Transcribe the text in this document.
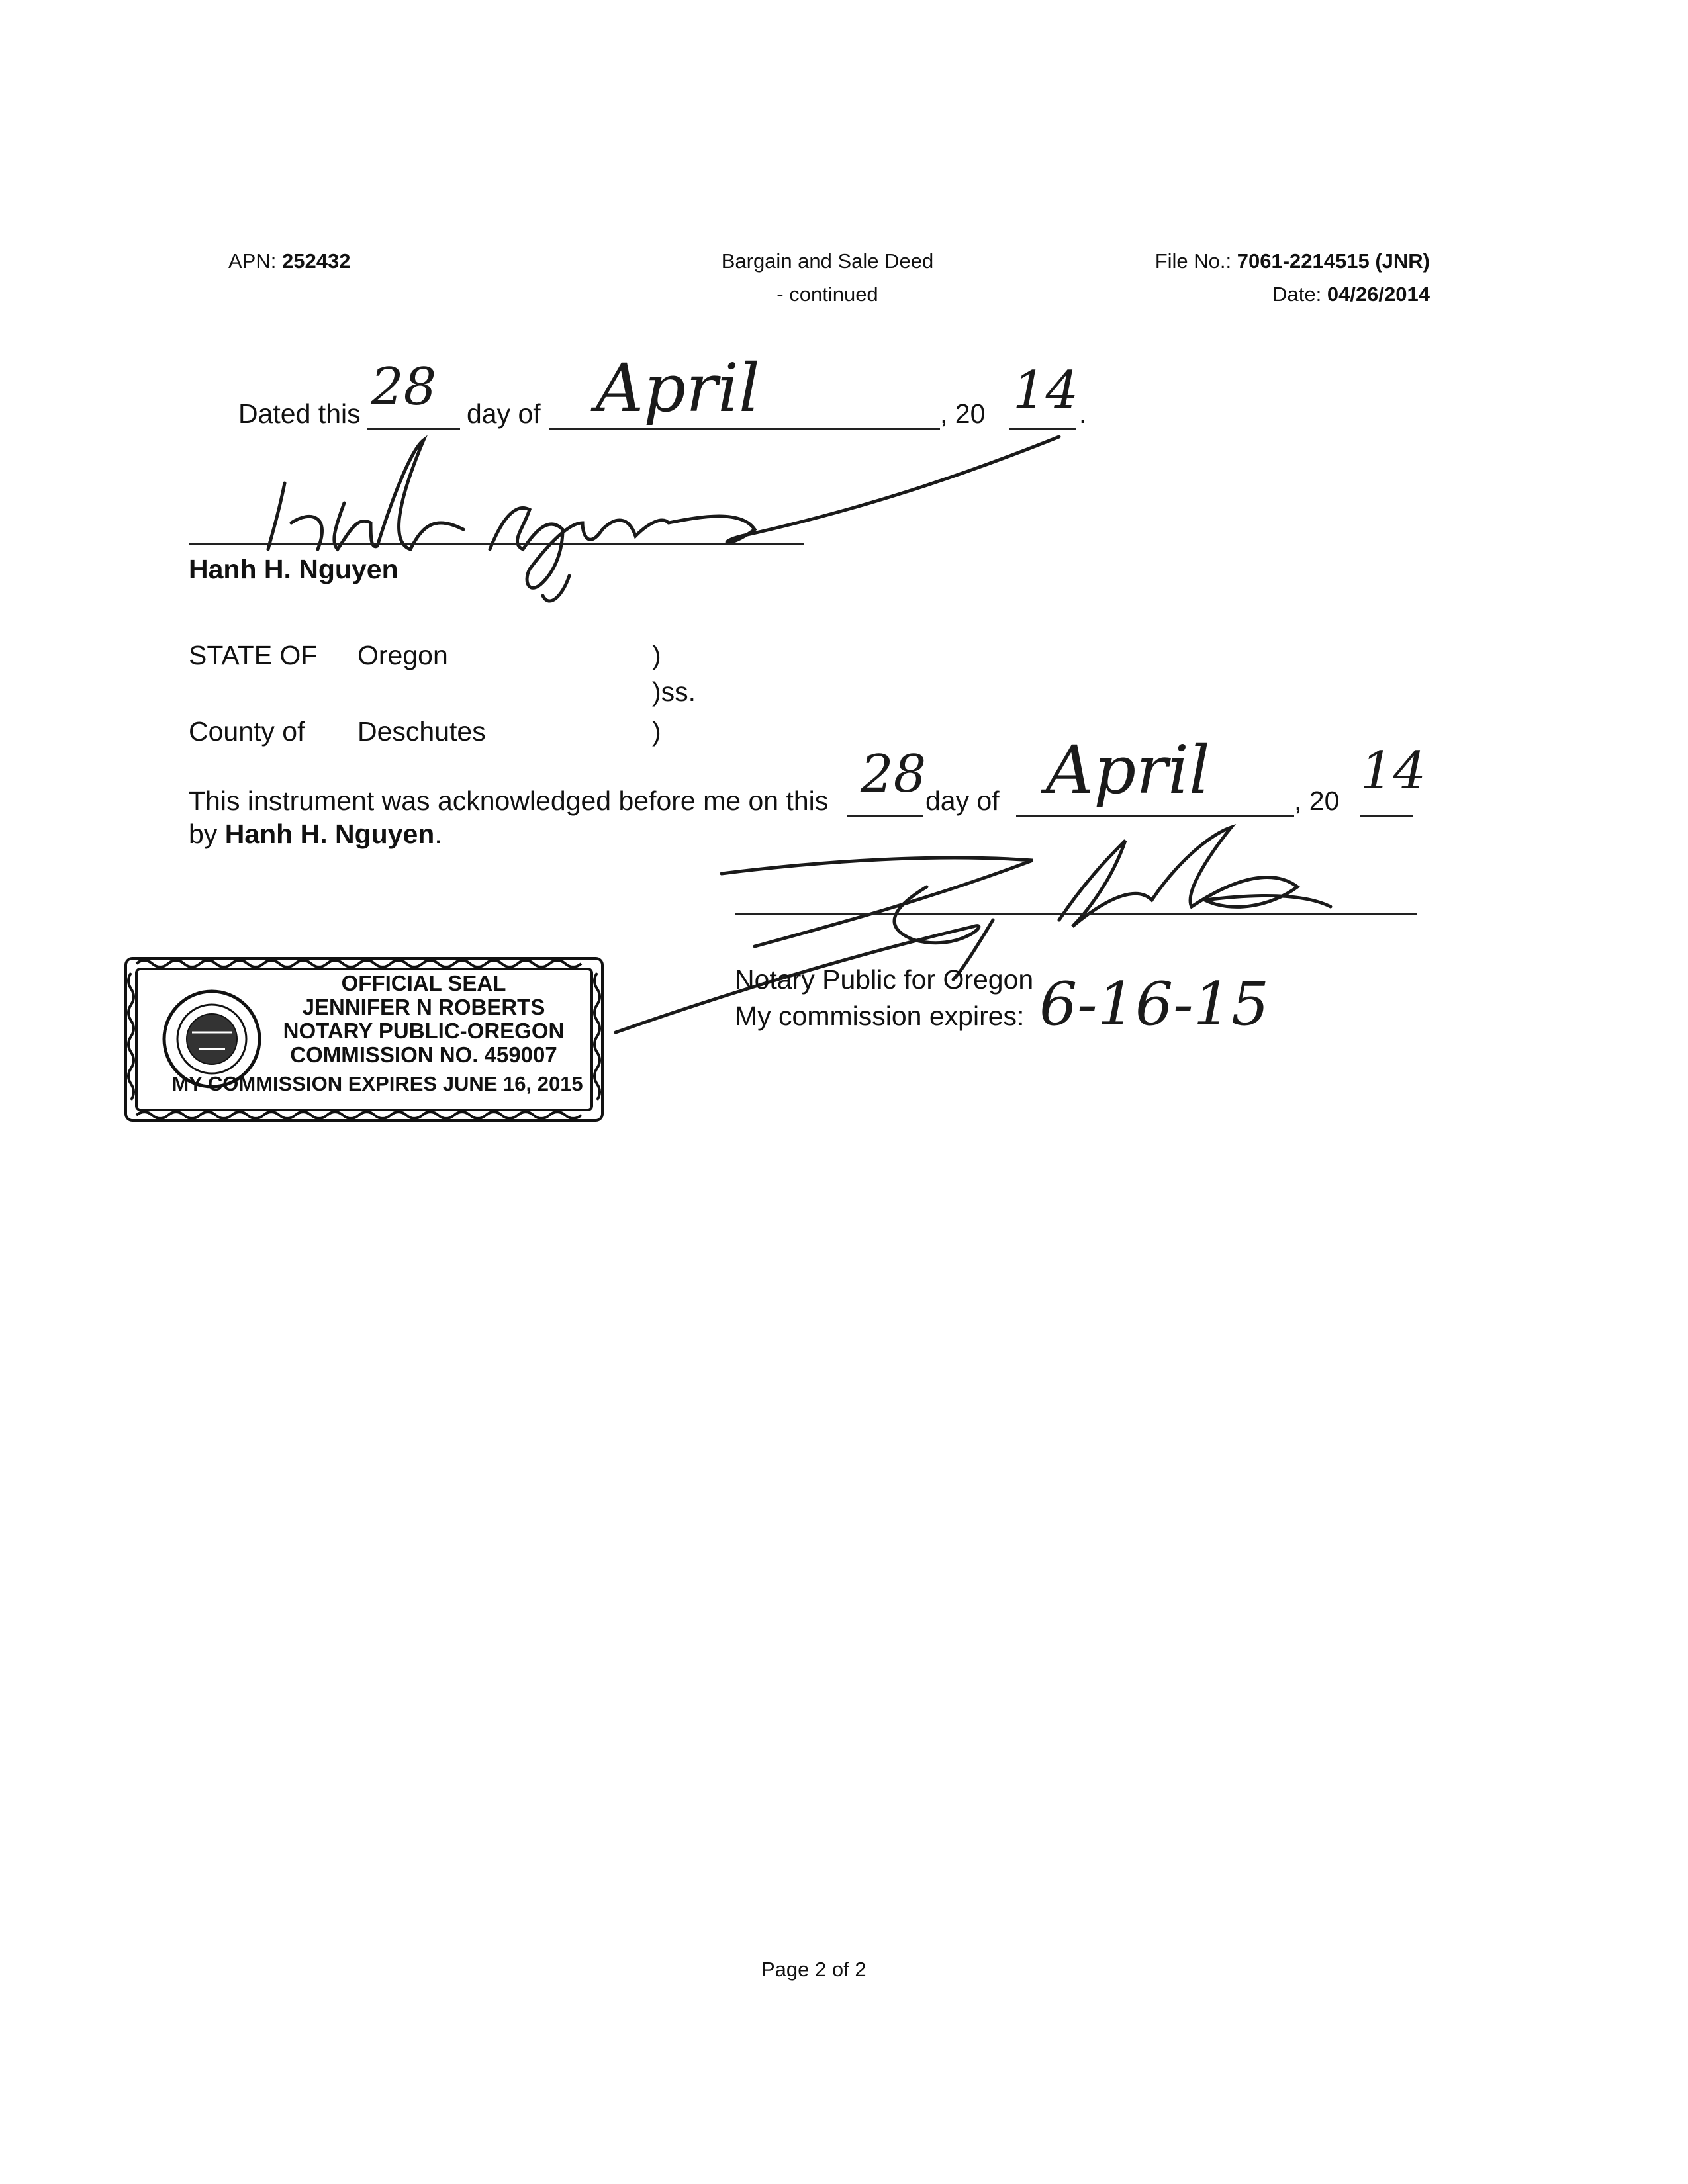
APN: 252432	Bargain and Sale Deed
- continued
File No.: 7061-2214515 (JNR)
Date: 04/26/2014
Dated this 28 day of April	, 20 14 .
Hanh H. Nguyen
STATE OF Oregon	)
)ss.
County of Deschutes	)
This instrument was acknowledged before me on this 28
day of April	, 20 14
by Hanh H. Nguyen.
Notary Public for Oregon
My commission expires: 6-16-15
OFFICIAL SEAL
JENNIFER N ROBERTS
NOTARY PUBLIC-OREGON
COMMISSION NO. 459007
MY COMMISSION EXPIRES JUNE 16, 2015
Page 2 of 2
